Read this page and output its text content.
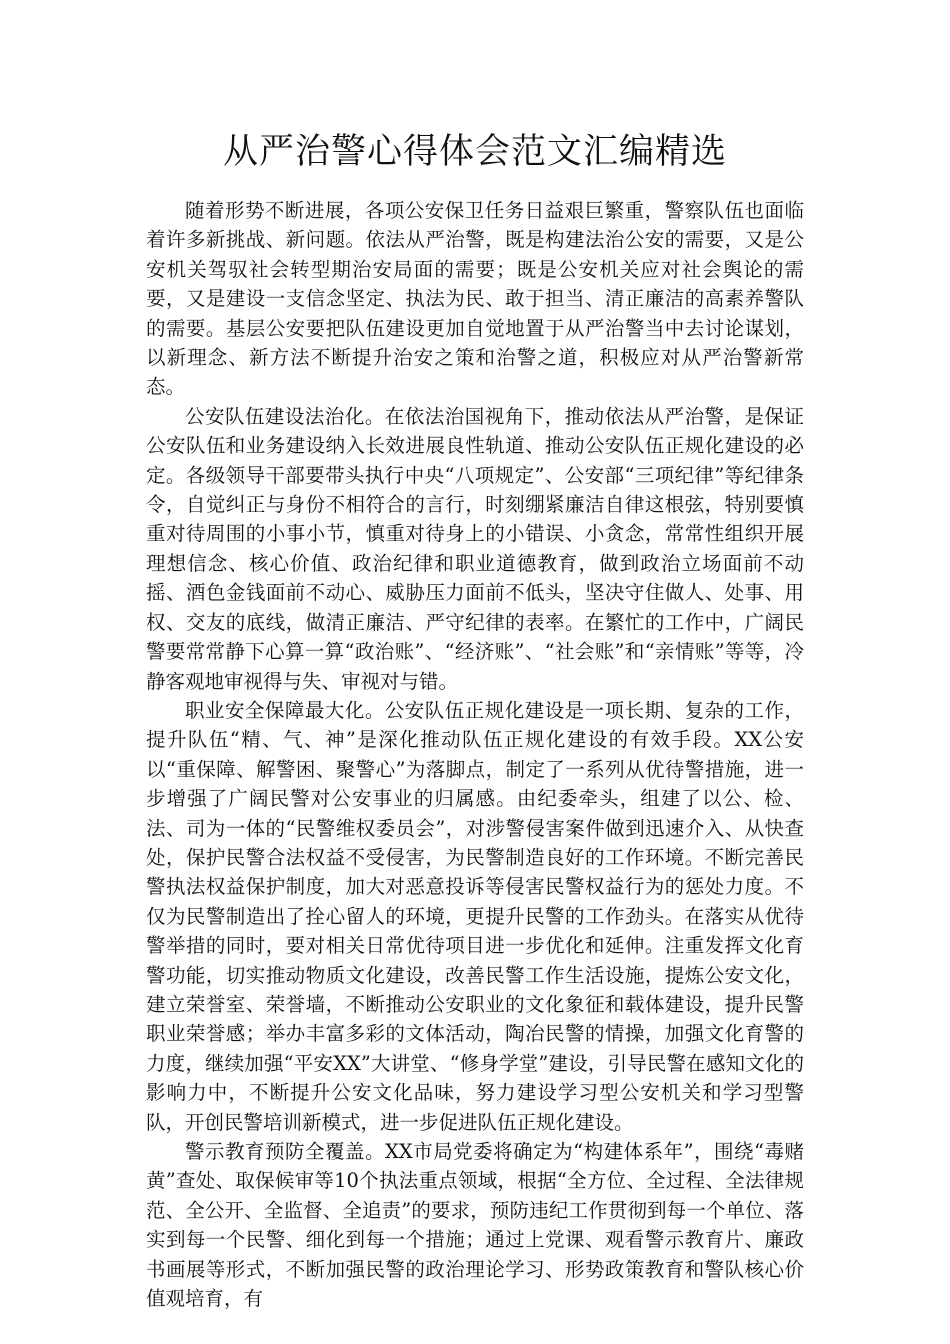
从严治警心得体会范文汇编精选

随着形势不断进展，各项公安保卫任务日益艰巨繁重，警察队伍也面临着许多新挑战、新问题。依法从严治警，既是构建法治公安的需要，又是公安机关驾驭社会转型期治安局面的需要；既是公安机关应对社会舆论的需要，又是建设一支信念坚定、执法为民、敢于担当、清正廉洁的高素养警队的需要。基层公安要把队伍建设更加自觉地置于从严治警当中去讨论谋划，以新理念、新方法不断提升治安之策和治警之道，积极应对从严治警新常态。

公安队伍建设法治化。在依法治国视角下，推动依法从严治警，是保证公安队伍和业务建设纳入长效进展良性轨道、推动公安队伍正规化建设的必定。各级领导干部要带头执行中央“八项规定”、公安部“三项纪律”等纪律条令，自觉纠正与身份不相符合的言行，时刻绷紧廉洁自律这根弦，特别要慎重对待周围的小事小节，慎重对待身上的小错误、小贪念，常常性组织开展理想信念、核心价值、政治纪律和职业道德教育，做到政治立场面前不动摇、酒色金钱面前不动心、威胁压力面前不低头，坚决守住做人、处事、用权、交友的底线，做清正廉洁、严守纪律的表率。在繁忙的工作中，广阔民警要常常静下心算一算“政治账”、“经济账”、“社会账”和“亲情账”等等，冷静客观地审视得与失、审视对与错。

职业安全保障最大化。公安队伍正规化建设是一项长期、复杂的工作，提升队伍“精、气、神”是深化推动队伍正规化建设的有效手段。XX公安以“重保障、解警困、聚警心”为落脚点，制定了一系列从优待警措施，进一步增强了广阔民警对公安事业的归属感。由纪委牵头，组建了以公、检、法、司为一体的“民警维权委员会”，对涉警侵害案件做到迅速介入、从快查处，保护民警合法权益不受侵害，为民警制造良好的工作环境。不断完善民警执法权益保护制度，加大对恶意投诉等侵害民警权益行为的惩处力度。不仅为民警制造出了拴心留人的环境，更提升民警的工作劲头。在落实从优待警举措的同时，要对相关日常优待项目进一步优化和延伸。注重发挥文化育警功能，切实推动物质文化建设，改善民警工作生活设施，提炼公安文化，建立荣誉室、荣誉墙，不断推动公安职业的文化象征和载体建设，提升民警职业荣誉感；举办丰富多彩的文体活动，陶冶民警的情操，加强文化育警的力度，继续加强“平安XX”大讲堂、“修身学堂”建设，引导民警在感知文化的影响力中，不断提升公安文化品味，努力建设学习型公安机关和学习型警队，开创民警培训新模式，进一步促进队伍正规化建设。

警示教育预防全覆盖。XX市局党委将确定为“构建体系年”，围绕“毒赌黄”查处、取保候审等10个执法重点领域，根据“全方位、全过程、全法律规范、全公开、全监督、全追责”的要求，预防违纪工作贯彻到每一个单位、落实到每一个民警、细化到每一个措施；通过上党课、观看警示教育片、廉政书画展等形式，不断加强民警的政治理论学习、形势政策教育和警队核心价值观培育，有
